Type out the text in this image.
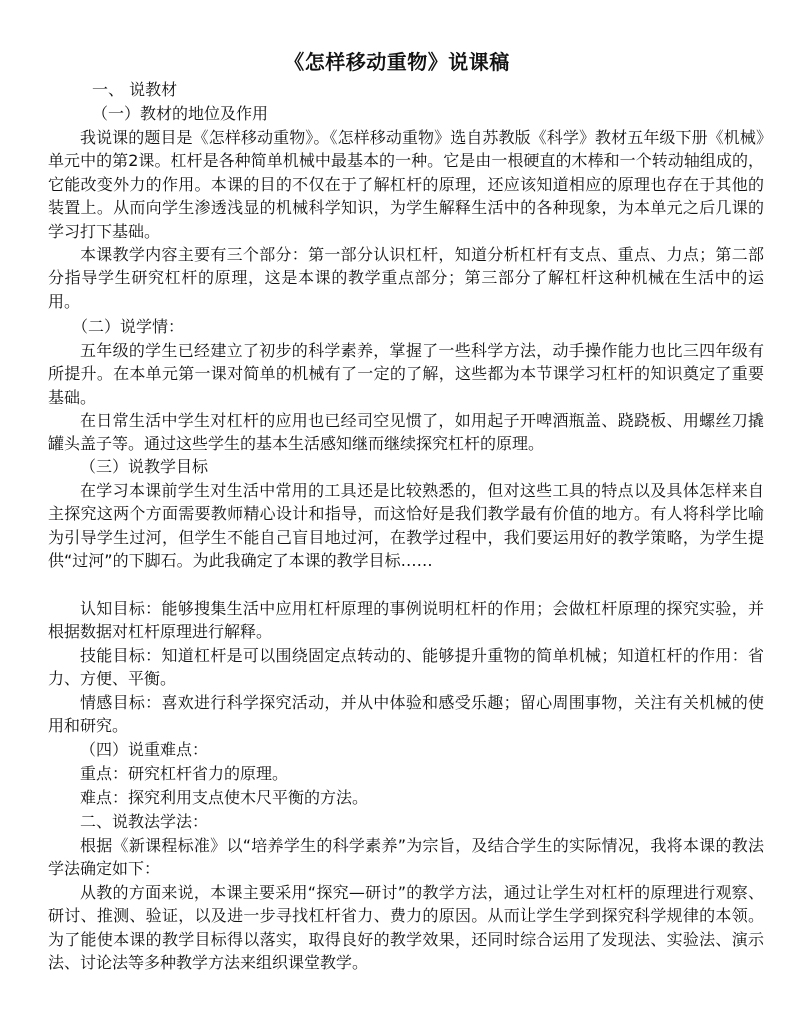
《怎样移动重物》说课稿
一、 说教材
（一）教材的地位及作用
我说课的题目是《怎样移动重物》。《怎样移动重物》选自苏教版《科学》教材五年级下册《机械》单元中的第2课。杠杆是各种简单机械中最基本的一种。它是由一根硬直的木棒和一个转动轴组成的，它能改变外力的作用。本课的目的不仅在于了解杠杆的原理，还应该知道相应的原理也存在于其他的装置上。从而向学生渗透浅显的机械科学知识，为学生解释生活中的各种现象，为本单元之后几课的学习打下基础。
本课教学内容主要有三个部分：第一部分认识杠杆，知道分析杠杆有支点、重点、力点；第二部分指导学生研究杠杆的原理，这是本课的教学重点部分；第三部分了解杠杆这种机械在生活中的运用。
（二）说学情：
五年级的学生已经建立了初步的科学素养，掌握了一些科学方法，动手操作能力也比三四年级有所提升。在本单元第一课对简单的机械有了一定的了解，这些都为本节课学习杠杆的知识奠定了重要基础。
在日常生活中学生对杠杆的应用也已经司空见惯了，如用起子开啤酒瓶盖、跷跷板、用螺丝刀撬罐头盖子等。通过这些学生的基本生活感知继而继续探究杠杆的原理。
（三）说教学目标
在学习本课前学生对生活中常用的工具还是比较熟悉的，但对这些工具的特点以及具体怎样来自主探究这两个方面需要教师精心设计和指导，而这恰好是我们教学最有价值的地方。有人将科学比喻为引导学生过河，但学生不能自己盲目地过河，在教学过程中，我们要运用好的教学策略，为学生提供“过河”的下脚石。为此我确定了本课的教学目标……
认知目标：能够搜集生活中应用杠杆原理的事例说明杠杆的作用；会做杠杆原理的探究实验，并根据数据对杠杆原理进行解释。
技能目标：知道杠杆是可以围绕固定点转动的、能够提升重物的简单机械；知道杠杆的作用：省力、方便、平衡。
情感目标：喜欢进行科学探究活动，并从中体验和感受乐趣；留心周围事物，关注有关机械的使用和研究。
（四）说重难点：
重点：研究杠杆省力的原理。
难点：探究利用支点使木尺平衡的方法。
二、说教法学法：
根据《新课程标准》以“培养学生的科学素养”为宗旨，及结合学生的实际情况，我将本课的教法学法确定如下：
从教的方面来说，本课主要采用“探究—研讨”的教学方法，通过让学生对杠杆的原理进行观察、研讨、推测、验证，以及进一步寻找杠杆省力、费力的原因。从而让学生学到探究科学规律的本领。为了能使本课的教学目标得以落实，取得良好的教学效果，还同时综合运用了发现法、实验法、演示法、讨论法等多种教学方法来组织课堂教学。
